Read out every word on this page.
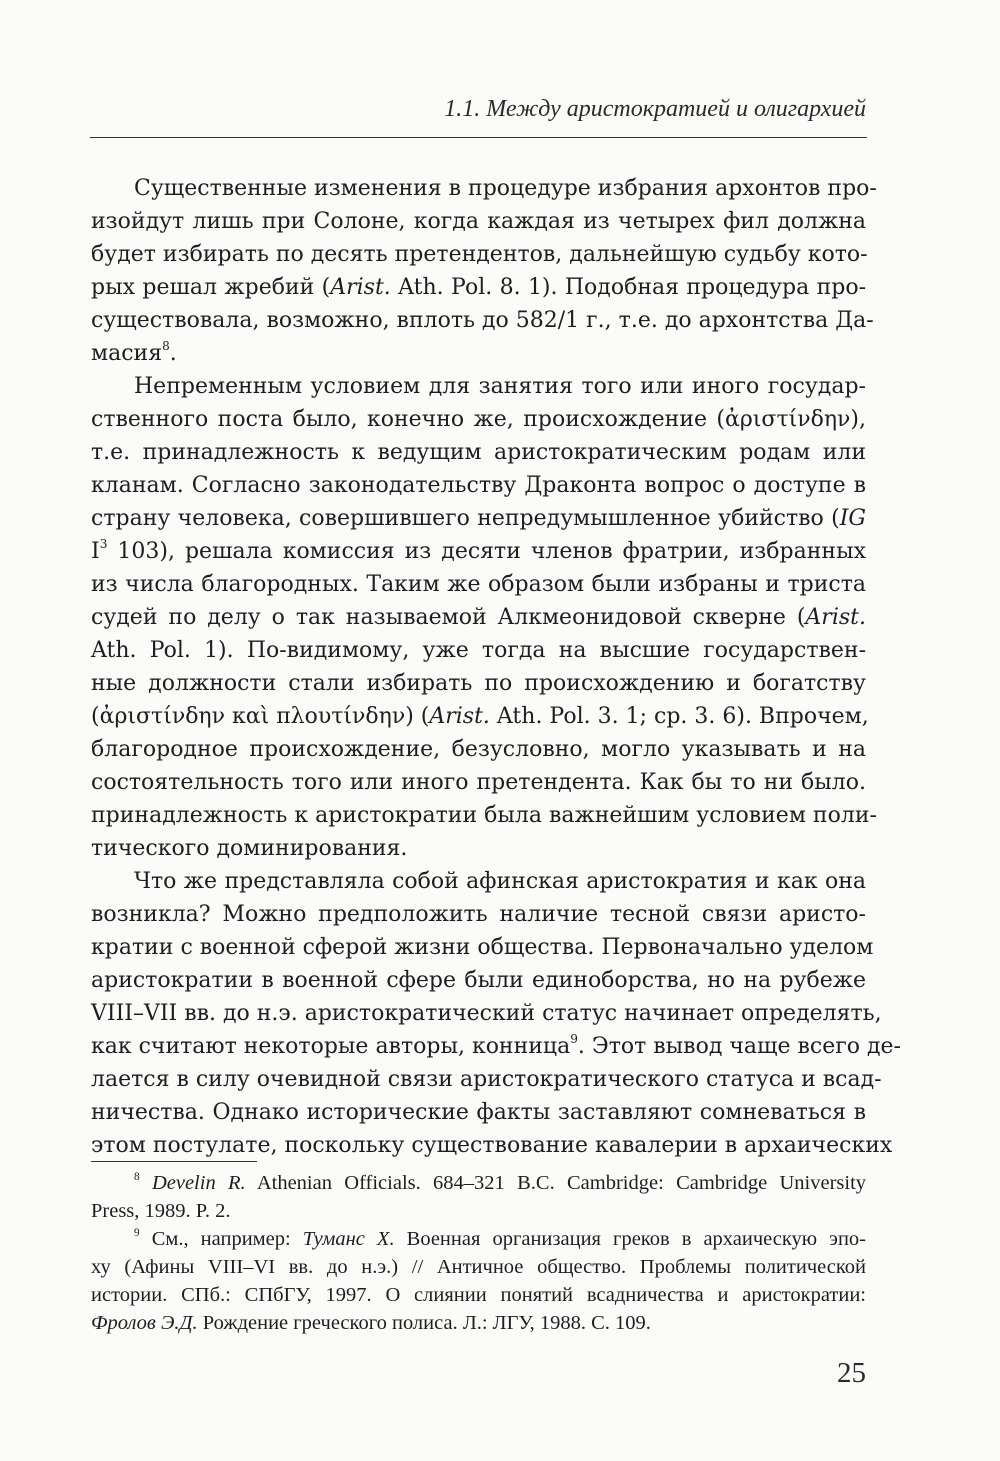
1.1. Между аристократией и олигархией
Существенные изменения в процедуре избрания архонтов про-
изойдут лишь при Солоне, когда каждая из четырех фил должна
будет избирать по десять претендентов, дальнейшую судьбу кото-
рых решал жребий (Arist. Ath. Pol. 8. 1). Подобная процедура про-
существовала, возможно, вплоть до 582/1 г., т.е. до архонтства Да-
масия$^8$.
Непременным условием для занятия того или иного государ-
ственного поста было, конечно же, происхождение (ἀριστίνδην),
т.е. принадлежность к ведущим аристократическим родам или
кланам. Согласно законодательству Драконта вопрос о доступе в
страну человека, совершившего непредумышленное убийство (IG
$I^3$ 103), решала комиссия из десяти членов фратрии, избранных
из числа благородных. Таким же образом были избраны и триста
судей по делу о так называемой Алкмеонидовой скверне (Arist.
Ath. Pol. 1). По-видимому, уже тогда на высшие государствен-
ные должности стали избирать по происхождению и богатству
(ἀριστίνδην καὶ πλουτίνδην) (Arist. Ath. Pol. 3. 1; ср. 3. 6). Впрочем,
благородное происхождение, безусловно, могло указывать и на
состоятельность того или иного претендента. Как бы то ни было.
принадлежность к аристократии была важнейшим условием поли-
тического доминирования.
Что же представляла собой афинская аристократия и как она
возникла? Можно предположить наличие тесной связи аристо-
кратии с военной сферой жизни общества. Первоначально уделом
аристократии в военной сфере были единоборства, но на рубеже
VIII–VII вв. до н.э. аристократический статус начинает определять,
как считают некоторые авторы, конница$^9$. Этот вывод чаще всего де-
лается в силу очевидной связи аристократического статуса и всад-
ничества. Однако исторические факты заставляют сомневаться в
этом постулате, поскольку существование кавалерии в архаических
$^8$ Develin R. Athenian Officials. 684–321 B.C. Cambridge: Cambridge University
Press, 1989. P. 2.
$^9$ См., например: Туманс Х. Военная организация греков в архаическую эпо-
ху (Афины VIII–VI вв. до н.э.) // Античное общество. Проблемы политической
истории. СПб.: СПбГУ, 1997. О слиянии понятий всадничества и аристократии:
Фролов Э.Д. Рождение греческого полиса. Л.: ЛГУ, 1988. С. 109.
25
